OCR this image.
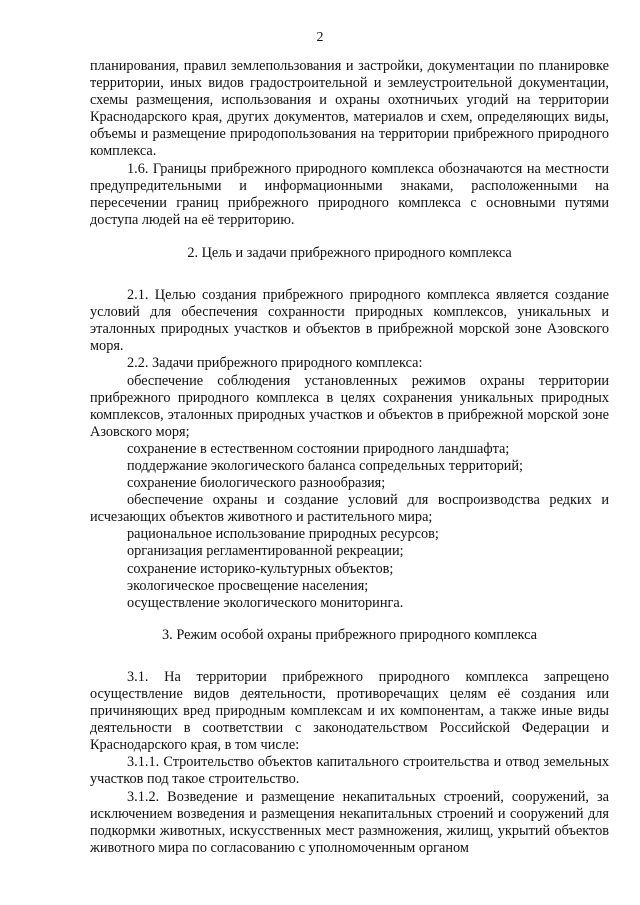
2

планирования, правил землепользования и застройки, документации по планировке территории, иных видов градостроительной и землеустроительной документации, схемы размещения, использования и охраны охотничьих угодий на территории Краснодарского края, других документов, материалов и схем, определяющих виды, объемы и размещение природопользования на территории прибрежного природного комплекса.

1.6. Границы прибрежного природного комплекса обозначаются на местности предупредительными и информационными знаками, расположенными на пересечении границ прибрежного природного комплекса с основными путями доступа людей на её территорию.

2. Цель и задачи прибрежного природного комплекса

2.1. Целью создания прибрежного природного комплекса является создание условий для обеспечения сохранности природных комплексов, уникальных и эталонных природных участков и объектов в прибрежной морской зоне Азовского моря.

2.2. Задачи прибрежного природного комплекса:

обеспечение соблюдения установленных режимов охраны территории прибрежного природного комплекса в целях сохранения уникальных природных комплексов, эталонных природных участков и объектов в прибрежной морской зоне Азовского моря;

сохранение в естественном состоянии природного ландшафта;

поддержание экологического баланса сопредельных территорий;

сохранение биологического разнообразия;

обеспечение охраны и создание условий для воспроизводства редких и исчезающих объектов животного и растительного мира;

рациональное использование природных ресурсов;

организация регламентированной рекреации;

сохранение историко-культурных объектов;

экологическое просвещение населения;

осуществление экологического мониторинга.

3. Режим особой охраны прибрежного природного комплекса

3.1. На территории прибрежного природного комплекса запрещено осуществление видов деятельности, противоречащих целям её создания или причиняющих вред природным комплексам и их компонентам, а также иные виды деятельности в соответствии с законодательством Российской Федерации и Краснодарского края, в том числе:

3.1.1. Строительство объектов капитального строительства и отвод земельных участков под такое строительство.

3.1.2. Возведение и размещение некапитальных строений, сооружений, за исключением возведения и размещения некапитальных строений и сооружений для подкормки животных, искусственных мест размножения, жилищ, укрытий объектов животного мира по согласованию с уполномоченным органом
